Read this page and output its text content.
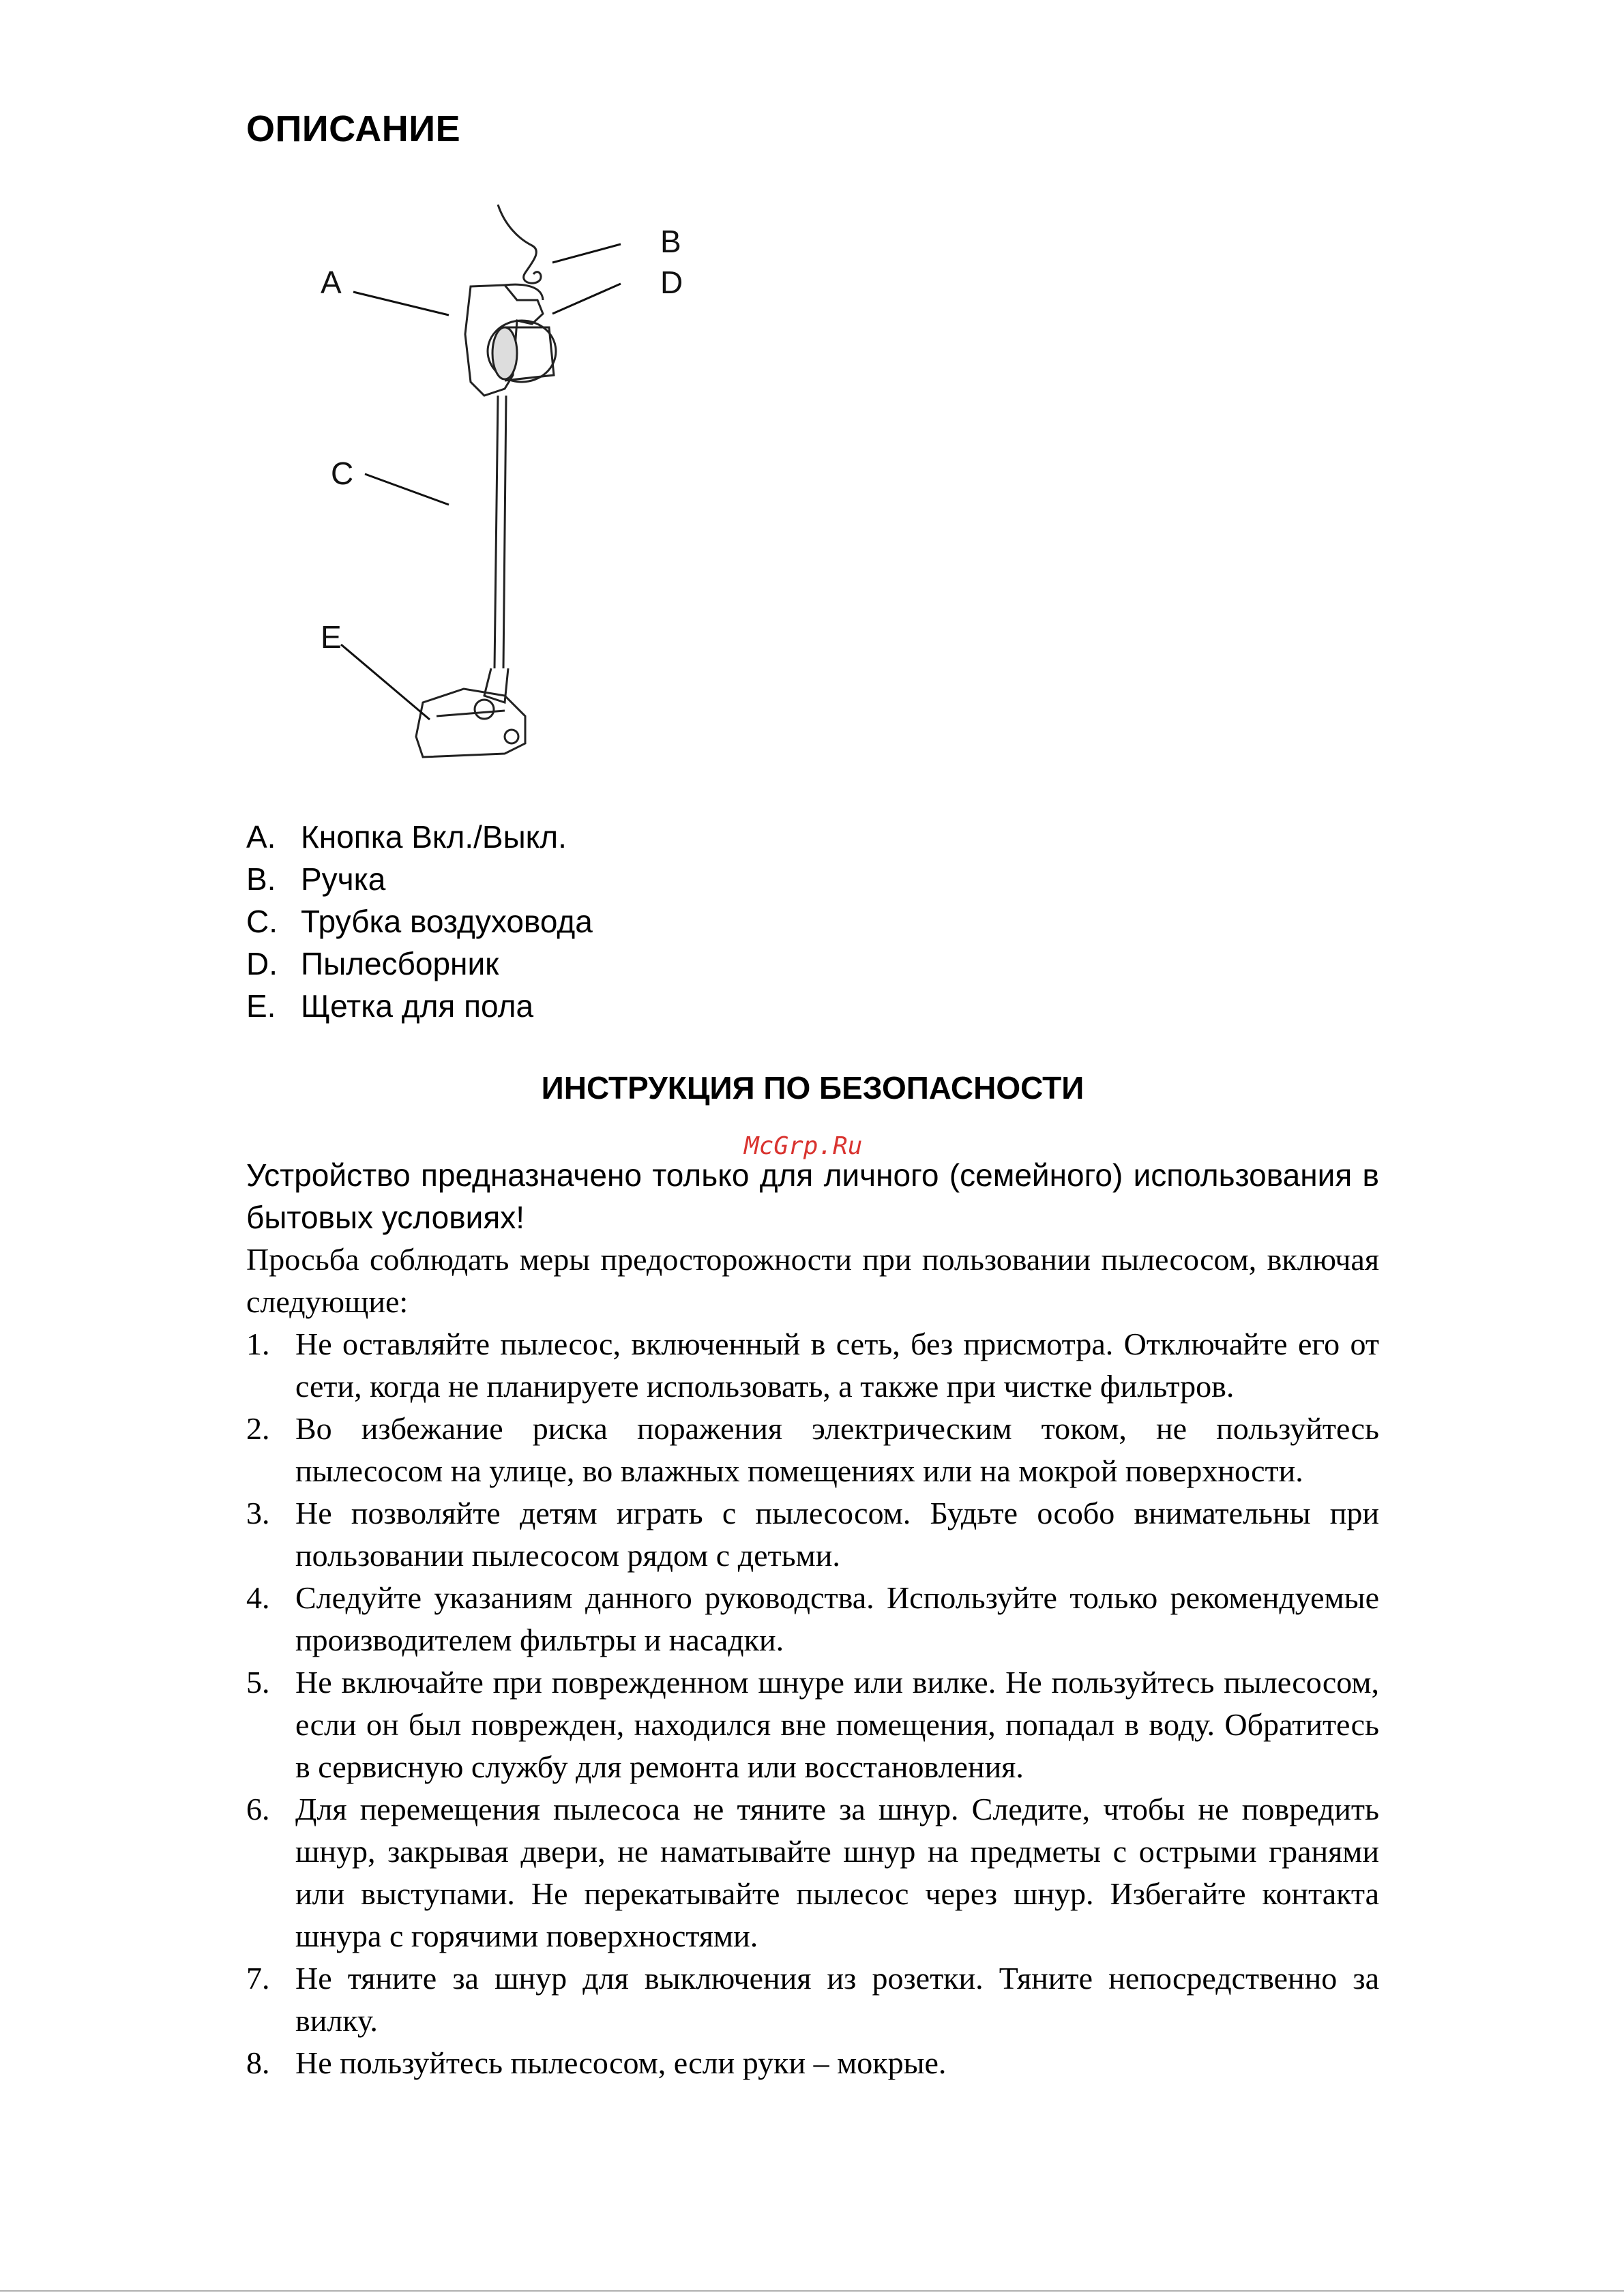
ОПИСАНИЕ
A
B
D
C
E
A. Кнопка Вкл./Выкл.
B. Ручка
C. Трубка воздуховода
D. Пылесборник
E. Щетка для пола
ИНСТРУКЦИЯ ПО БЕЗОПАСНОСТИ
McGrp.Ru
Устройство предназначено только для личного (семейного) использования в бытовых условиях!
Просьба соблюдать меры предосторожности при пользовании пылесосом, включая следующие:
1. Не оставляйте пылесос, включенный в сеть, без присмотра. Отключайте его от сети, когда не планируете использовать, а также при чистке фильтров.
2. Во избежание риска поражения электрическим током, не пользуйтесь пылесосом на улице, во влажных помещениях или на мокрой поверхности.
3. Не позволяйте детям играть с пылесосом. Будьте особо внимательны при пользовании пылесосом рядом с детьми.
4. Следуйте указаниям данного руководства. Используйте только рекомендуемые производителем фильтры и насадки.
5. Не включайте при поврежденном шнуре или вилке. Не пользуйтесь пылесосом, если он был поврежден, находился вне помещения, попадал в воду. Обратитесь в сервисную службу для ремонта или восстановления.
6. Для перемещения пылесоса не тяните за шнур. Следите, чтобы не повредить шнур, закрывая двери, не наматывайте шнур на предметы с острыми гранями или выступами. Не перекатывайте пылесос через шнур. Избегайте контакта шнура с горячими поверхностями.
7. Не тяните за шнур для выключения из розетки. Тяните непосредственно за вилку.
8. Не пользуйтесь пылесосом, если руки – мокрые.
